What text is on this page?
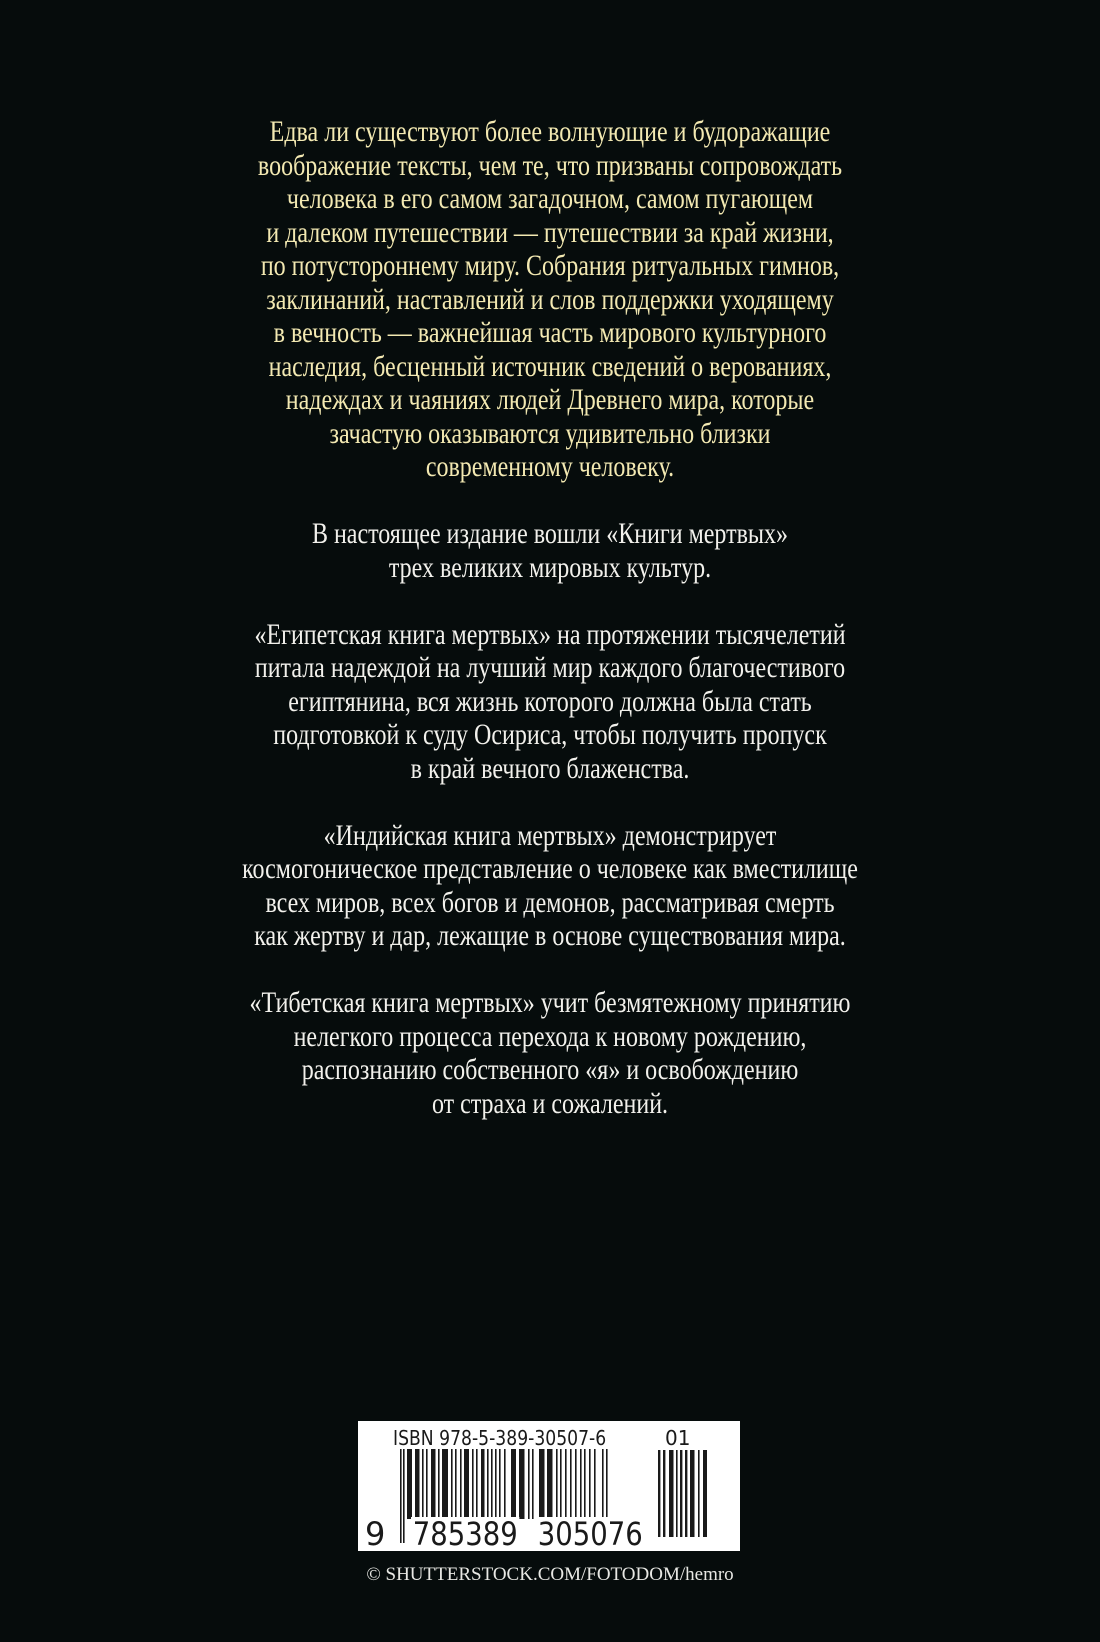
Едва ли существуют более волнующие и будоражащие
воображение тексты, чем те, что призваны сопровождать
человека в его самом загадочном, самом пугающем
и далеком путешествии — путешествии за край жизни,
по потустороннему миру. Собрания ритуальных гимнов,
заклинаний, наставлений и слов поддержки уходящему
в вечность — важнейшая часть мирового культурного
наследия, бесценный источник сведений о верованиях,
надеждах и чаяниях людей Древнего мира, которые
зачастую оказываются удивительно близки
современному человеку.
В настоящее издание вошли «Книги мертвых»
трех великих мировых культур.
«Египетская книга мертвых» на протяжении тысячелетий
питала надеждой на лучший мир каждого благочестивого
египтянина, вся жизнь которого должна была стать
подготовкой к суду Осириса, чтобы получить пропуск
в край вечного блаженства.
«Индийская книга мертвых» демонстрирует
космогоническое представление о человеке как вместилище
всех миров, всех богов и демонов, рассматривая смерть
как жертву и дар, лежащие в основе существования мира.
«Тибетская книга мертвых» учит безмятежному принятию
нелегкого процесса перехода к новому рождению,
распознанию собственного «я» и освобождению
от страха и сожалений.
ISBN 978-5-389-30507-6	01
9 785389 305076
© SHUTTERSTOCK.COM/FOTODOM/hemro
